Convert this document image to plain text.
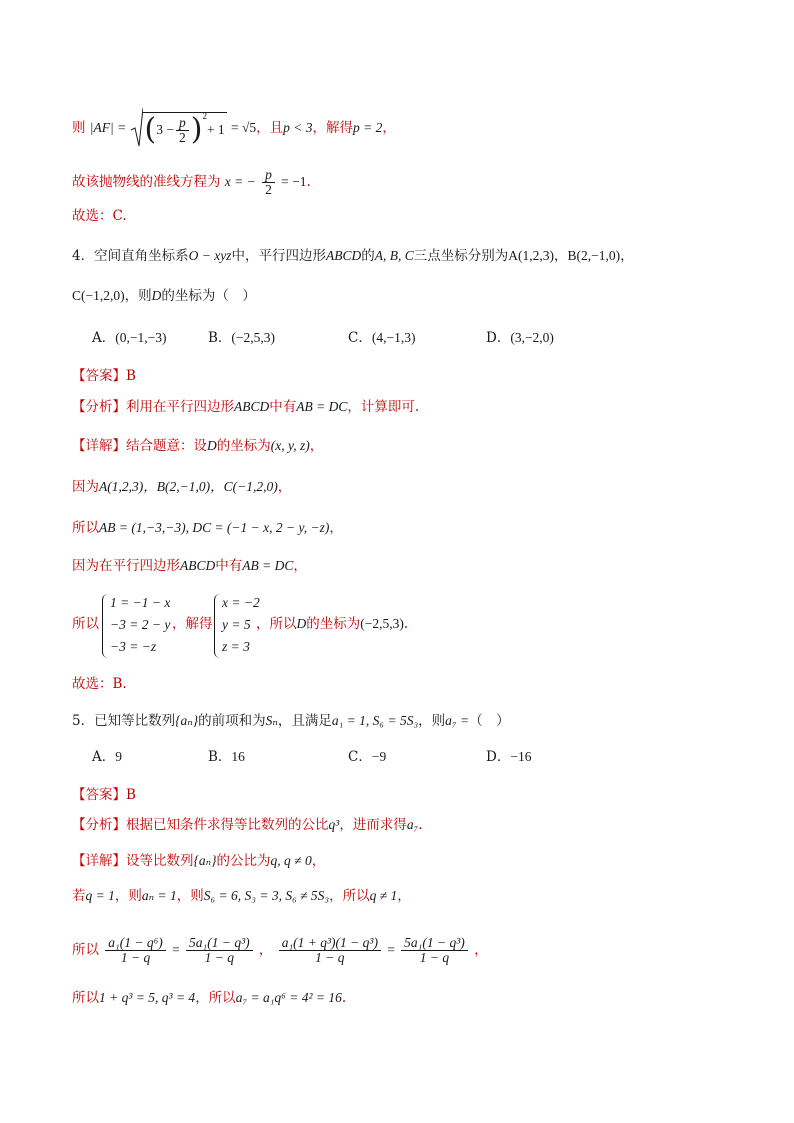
则 |AF| = ( $3 - \frac{p}{2} )^2$
+ 1 = √5，且p < 3，解得p = 2，
故该抛物线的准线方程为 x = − $\frac{p}{2} = -1$.
故选：C.
4．空间直角坐标系O − xyz中，平行四边形ABCD的A, B, C三点坐标分别为A(1,2,3)，B(2,−1,0)，
C(−1,2,0)，则D的坐标为（　）
A．(0,−1,−3)	B．(−2,5,3)	C．(4,−1,3)	D．(3,−2,0)
【答案】B
【分析】利用在平行四边形ABCD中有AB = DC，计算即可.
【详解】结合题意：设D的坐标为(x, y, z)，
因为A(1,2,3)，B(2,−1,0)，C(−1,2,0)，
所以AB = (1,−3,−3), DC = (−1 − x, 2 − y, −z)，
因为在平行四边形ABCD中有AB = DC，
所以
1 = −1 − x
−3 = 2 − y
−3 = −z
，解得
x = −2
y = 5
z = 3
，所以D的坐标为(−2,5,3).
故选：B.
5．已知等比数列{aₙ}的前项和为Sₙ，且满足a₁ = 1, S₆ = 5S₃，则a₇ =（　）
A．9	B．16	C．−9	D．−16
【答案】B
【分析】根据已知条件求得等比数列的公比q³，进而求得a₇.
【详解】设等比数列{aₙ}的公比为q, q ≠ 0，
若q = 1，则aₙ = 1，则S₆ = 6, S₃ = 3, S₆ ≠ 5S₃，所以q ≠ 1，
所以 $\frac{\text{a₁(1 − q⁶)}}{1 - q} = \frac{\text{5a₁(1 − q³)}}{1 - q}$ ， $\frac{\text{a₁(1 + q³)(1 − q³)}}{1 - q} = \frac{\text{5a₁(1 − q³)}}{1 - q}$ ，
所以1 + q³ = 5, q³ = 4，所以a₇ = a₁q⁶ = 4² = 16.
